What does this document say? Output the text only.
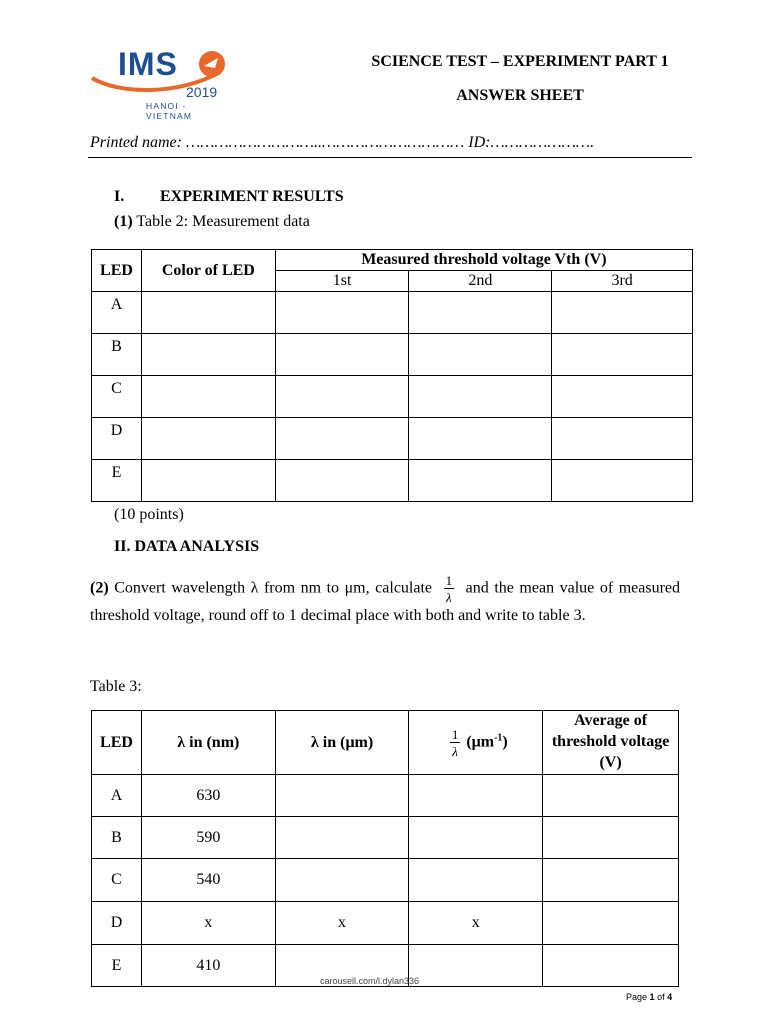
IMS
2019
HANOI - VIETNAM
SCIENCE TEST – EXPERIMENT PART 1
ANSWER SHEET
Printed name: ………………………..………………………… ID:………………….
I. EXPERIMENT RESULTS
(1) Table 2: Measurement data
LED	Color of LED	Measured threshold voltage Vth (V)		
		1st	2nd	3rd
A				
B				
C				
D				
E				
(10 points)
II. DATA ANALYSIS
(2) Convert wavelength λ from nm to μm, calculate $\frac{1}{\lambda}$ and the mean value of measured threshold voltage, round off to 1 decimal place with both and write to table 3.
Table 3:
LED	λ in (nm)	λ in (μm)	$\frac{1}{\lambda} (\mu m^{-1})$	Average of threshold voltage (V)
A	630			
B	590			
C	540			
D	x	x	x	
E	410			
carousell.com/l.dylan336
Page 1 of 4
